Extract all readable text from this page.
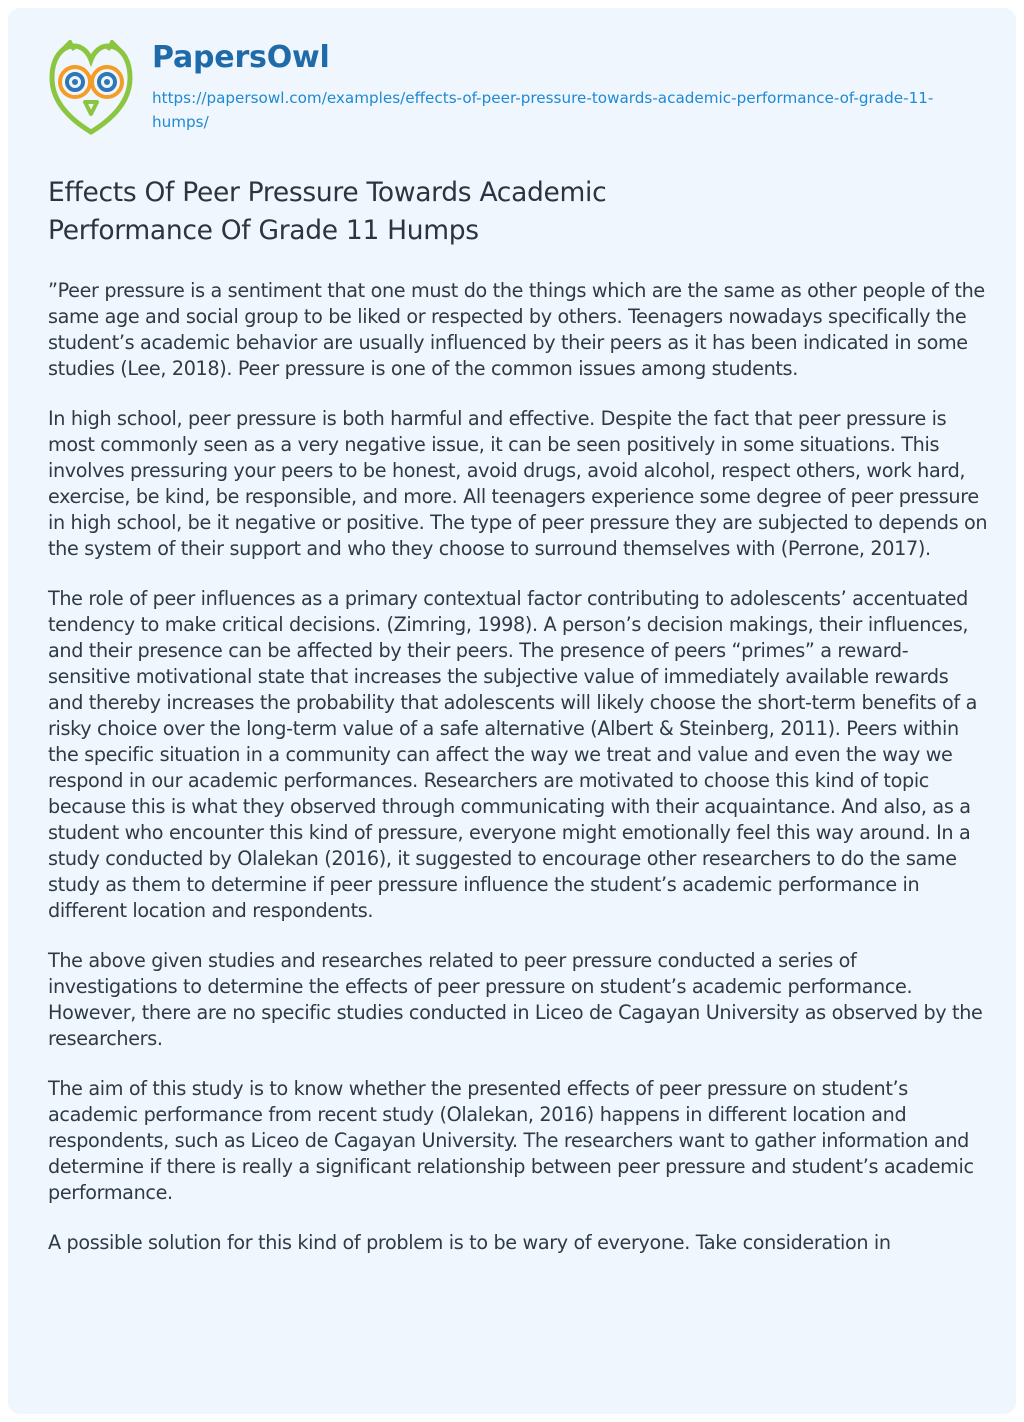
PapersOwl
https://papersowl.com/examples/effects-of-peer-pressure-towards-academic-performance-of-grade-11-humps/
Effects Of Peer Pressure Towards Academic Performance Of Grade 11 Humps

”Peer pressure is a sentiment that one must do the things which are the same as other people of the same age and social group to be liked or respected by others. Teenagers nowadays specifically the student’s academic behavior are usually influenced by their peers as it has been indicated in some studies (Lee, 2018). Peer pressure is one of the common issues among students.

In high school, peer pressure is both harmful and effective. Despite the fact that peer pressure is most commonly seen as a very negative issue, it can be seen positively in some situations. This involves pressuring your peers to be honest, avoid drugs, avoid alcohol, respect others, work hard, exercise, be kind, be responsible, and more. All teenagers experience some degree of peer pressure in high school, be it negative or positive. The type of peer pressure they are subjected to depends on the system of their support and who they choose to surround themselves with (Perrone, 2017).

The role of peer influences as a primary contextual factor contributing to adolescents’ accentuated tendency to make critical decisions. (Zimring, 1998). A person’s decision makings, their influences, and their presence can be affected by their peers. The presence of peers “primes” a reward-sensitive motivational state that increases the subjective value of immediately available rewards and thereby increases the probability that adolescents will likely choose the short-term benefits of a risky choice over the long-term value of a safe alternative (Albert & Steinberg, 2011). Peers within the specific situation in a community can affect the way we treat and value and even the way we respond in our academic performances. Researchers are motivated to choose this kind of topic because this is what they observed through communicating with their acquaintance. And also, as a student who encounter this kind of pressure, everyone might emotionally feel this way around. In a study conducted by Olalekan (2016), it suggested to encourage other researchers to do the same study as them to determine if peer pressure influence the student’s academic performance in different location and respondents.

The above given studies and researches related to peer pressure conducted a series of investigations to determine the effects of peer pressure on student’s academic performance. However, there are no specific studies conducted in Liceo de Cagayan University as observed by the researchers.

The aim of this study is to know whether the presented effects of peer pressure on student’s academic performance from recent study (Olalekan, 2016) happens in different location and respondents, such as Liceo de Cagayan University. The researchers want to gather information and determine if there is really a significant relationship between peer pressure and student’s academic performance.

A possible solution for this kind of problem is to be wary of everyone. Take consideration in
